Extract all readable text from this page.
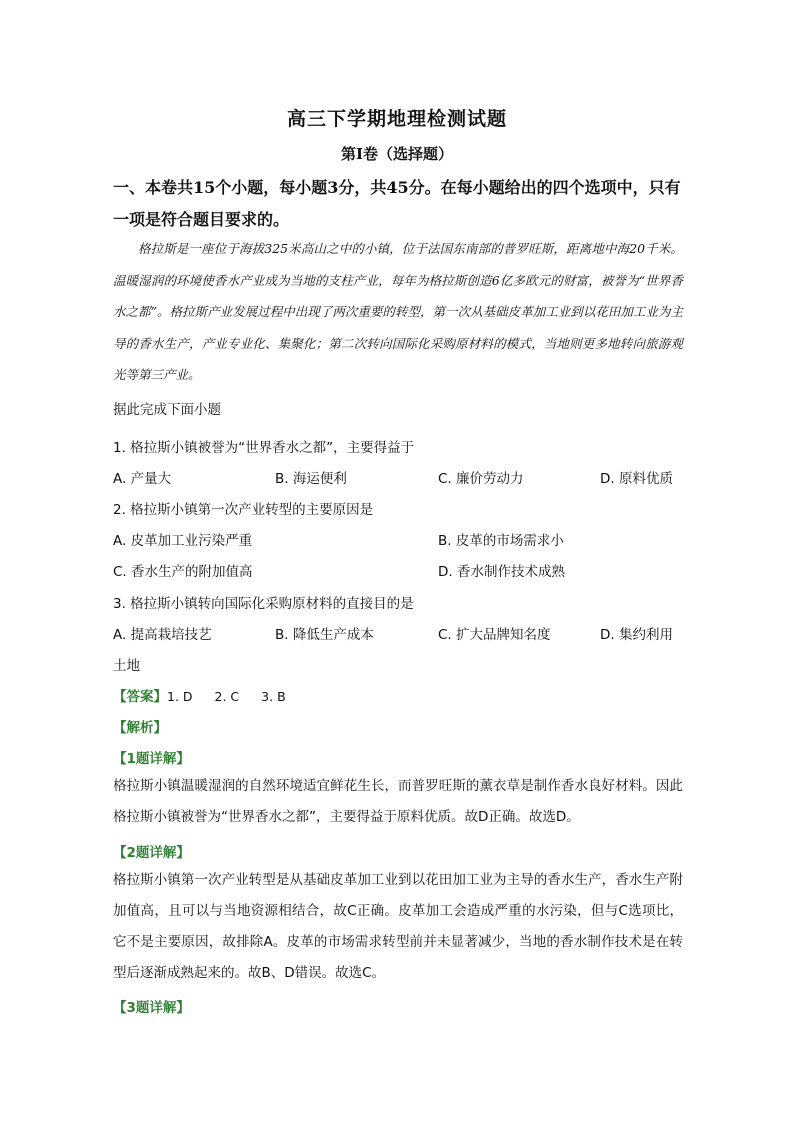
高三下学期地理检测试题
第Ⅰ卷（选择题）
一、本卷共15个小题，每小题3分，共45分。在每小题给出的四个选项中，只有一项是符合题目要求的。
格拉斯是一座位于海拔325米高山之中的小镇，位于法国东南部的普罗旺斯，距离地中海20千米。温暖湿润的环境使香水产业成为当地的支柱产业，每年为格拉斯创造6亿多欧元的财富，被誉为“世界香水之都”。格拉斯产业发展过程中出现了两次重要的转型，第一次从基础皮革加工业到以花田加工业为主导的香水生产，产业专业化、集聚化；第二次转向国际化采购原材料的模式，当地则更多地转向旅游观光等第三产业。
据此完成下面小题
1. 格拉斯小镇被誉为“世界香水之都”，主要得益于
A. 产量大	B. 海运便利	C. 廉价劳动力	D. 原料优质
2. 格拉斯小镇第一次产业转型的主要原因是
A. 皮革加工业污染严重	B. 皮革的市场需求小
C. 香水生产的附加值高	D. 香水制作技术成熟
3. 格拉斯小镇转向国际化采购原材料的直接目的是
A. 提高栽培技艺	B. 降低生产成本	C. 扩大品牌知名度	D. 集约利用
土地
【答案】1. D 2. C 3. B
【解析】
【1题详解】
格拉斯小镇温暖湿润的自然环境适宜鲜花生长，而普罗旺斯的薰衣草是制作香水良好材料。因此格拉斯小镇被誉为“世界香水之都”，主要得益于原料优质。故D正确。故选D。
【2题详解】
格拉斯小镇第一次产业转型是从基础皮革加工业到以花田加工业为主导的香水生产，香水生产附加值高，且可以与当地资源相结合，故C正确。皮革加工会造成严重的水污染，但与C选项比，它不是主要原因，故排除A。皮革的市场需求转型前并未显著减少，当地的香水制作技术是在转型后逐渐成熟起来的。故B、D错误。故选C。
【3题详解】
